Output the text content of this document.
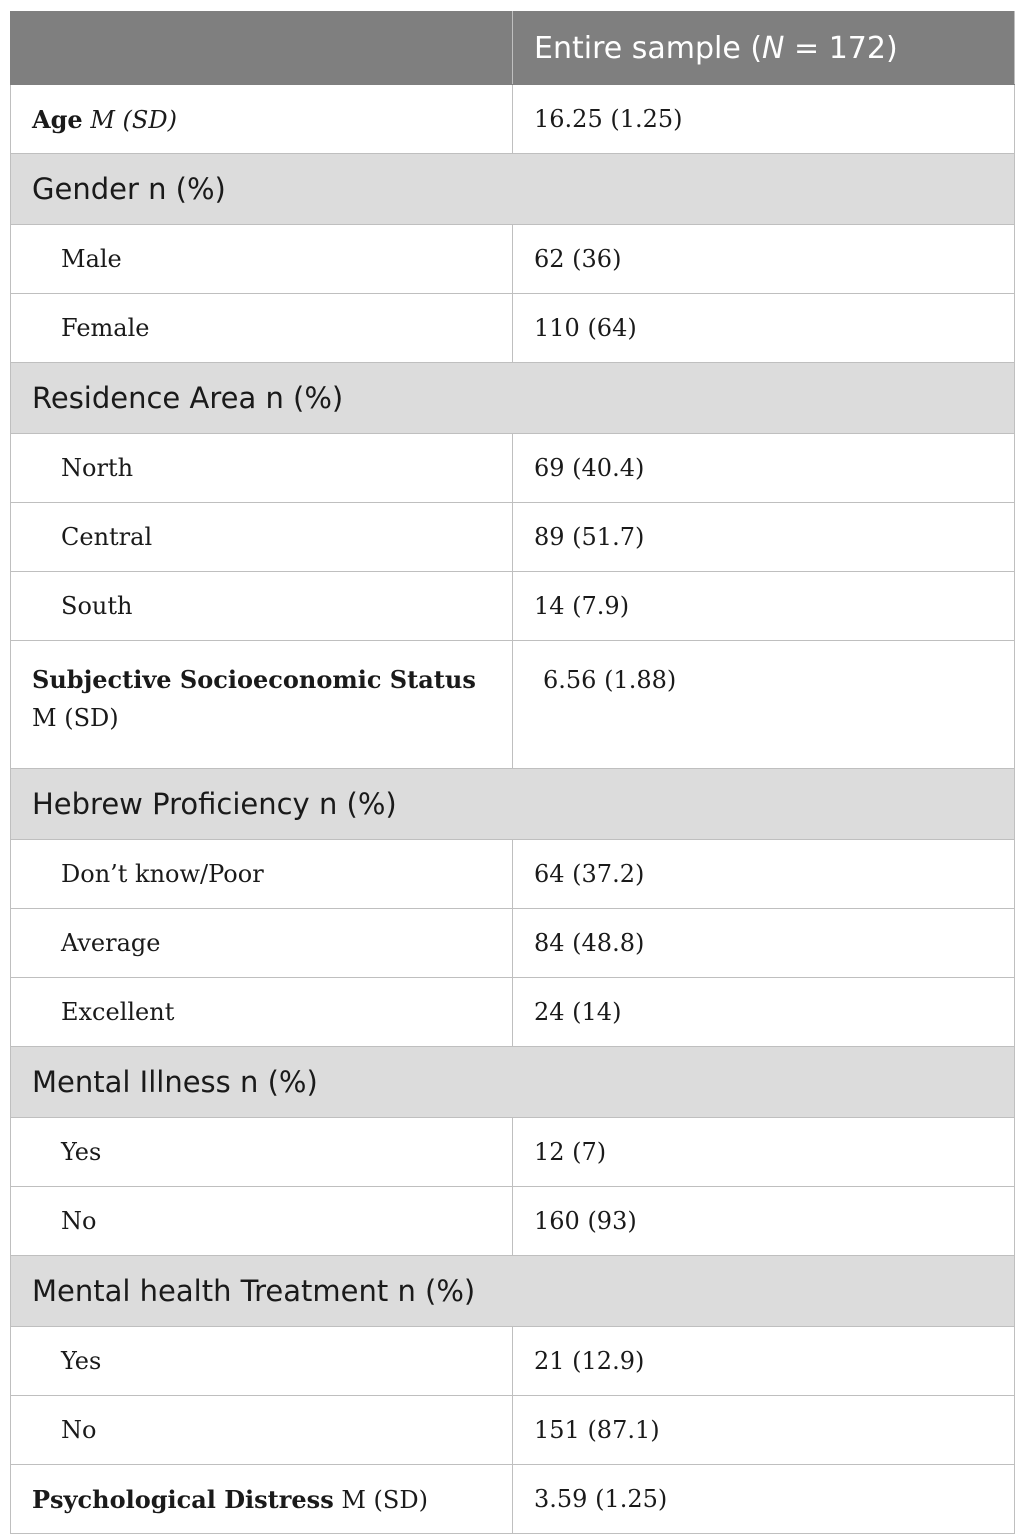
	Entire sample (N = 172)
Age M (SD)	16.25 (1.25)
Gender n (%)	
Male	62 (36)
Female	110 (64)
Residence Area n (%)	
North	69 (40.4)
Central	89 (51.7)
South	14 (7.9)
Subjective Socioeconomic Status
M (SD)	6.56 (1.88)
Hebrew Proficiency n (%)	
Don’t know/Poor	64 (37.2)
Average	84 (48.8)
Excellent	24 (14)
Mental Illness n (%)	
Yes	12 (7)
No	160 (93)
Mental health Treatment n (%)	
Yes	21 (12.9)
No	151 (87.1)
Psychological Distress M (SD)	3.59 (1.25)
